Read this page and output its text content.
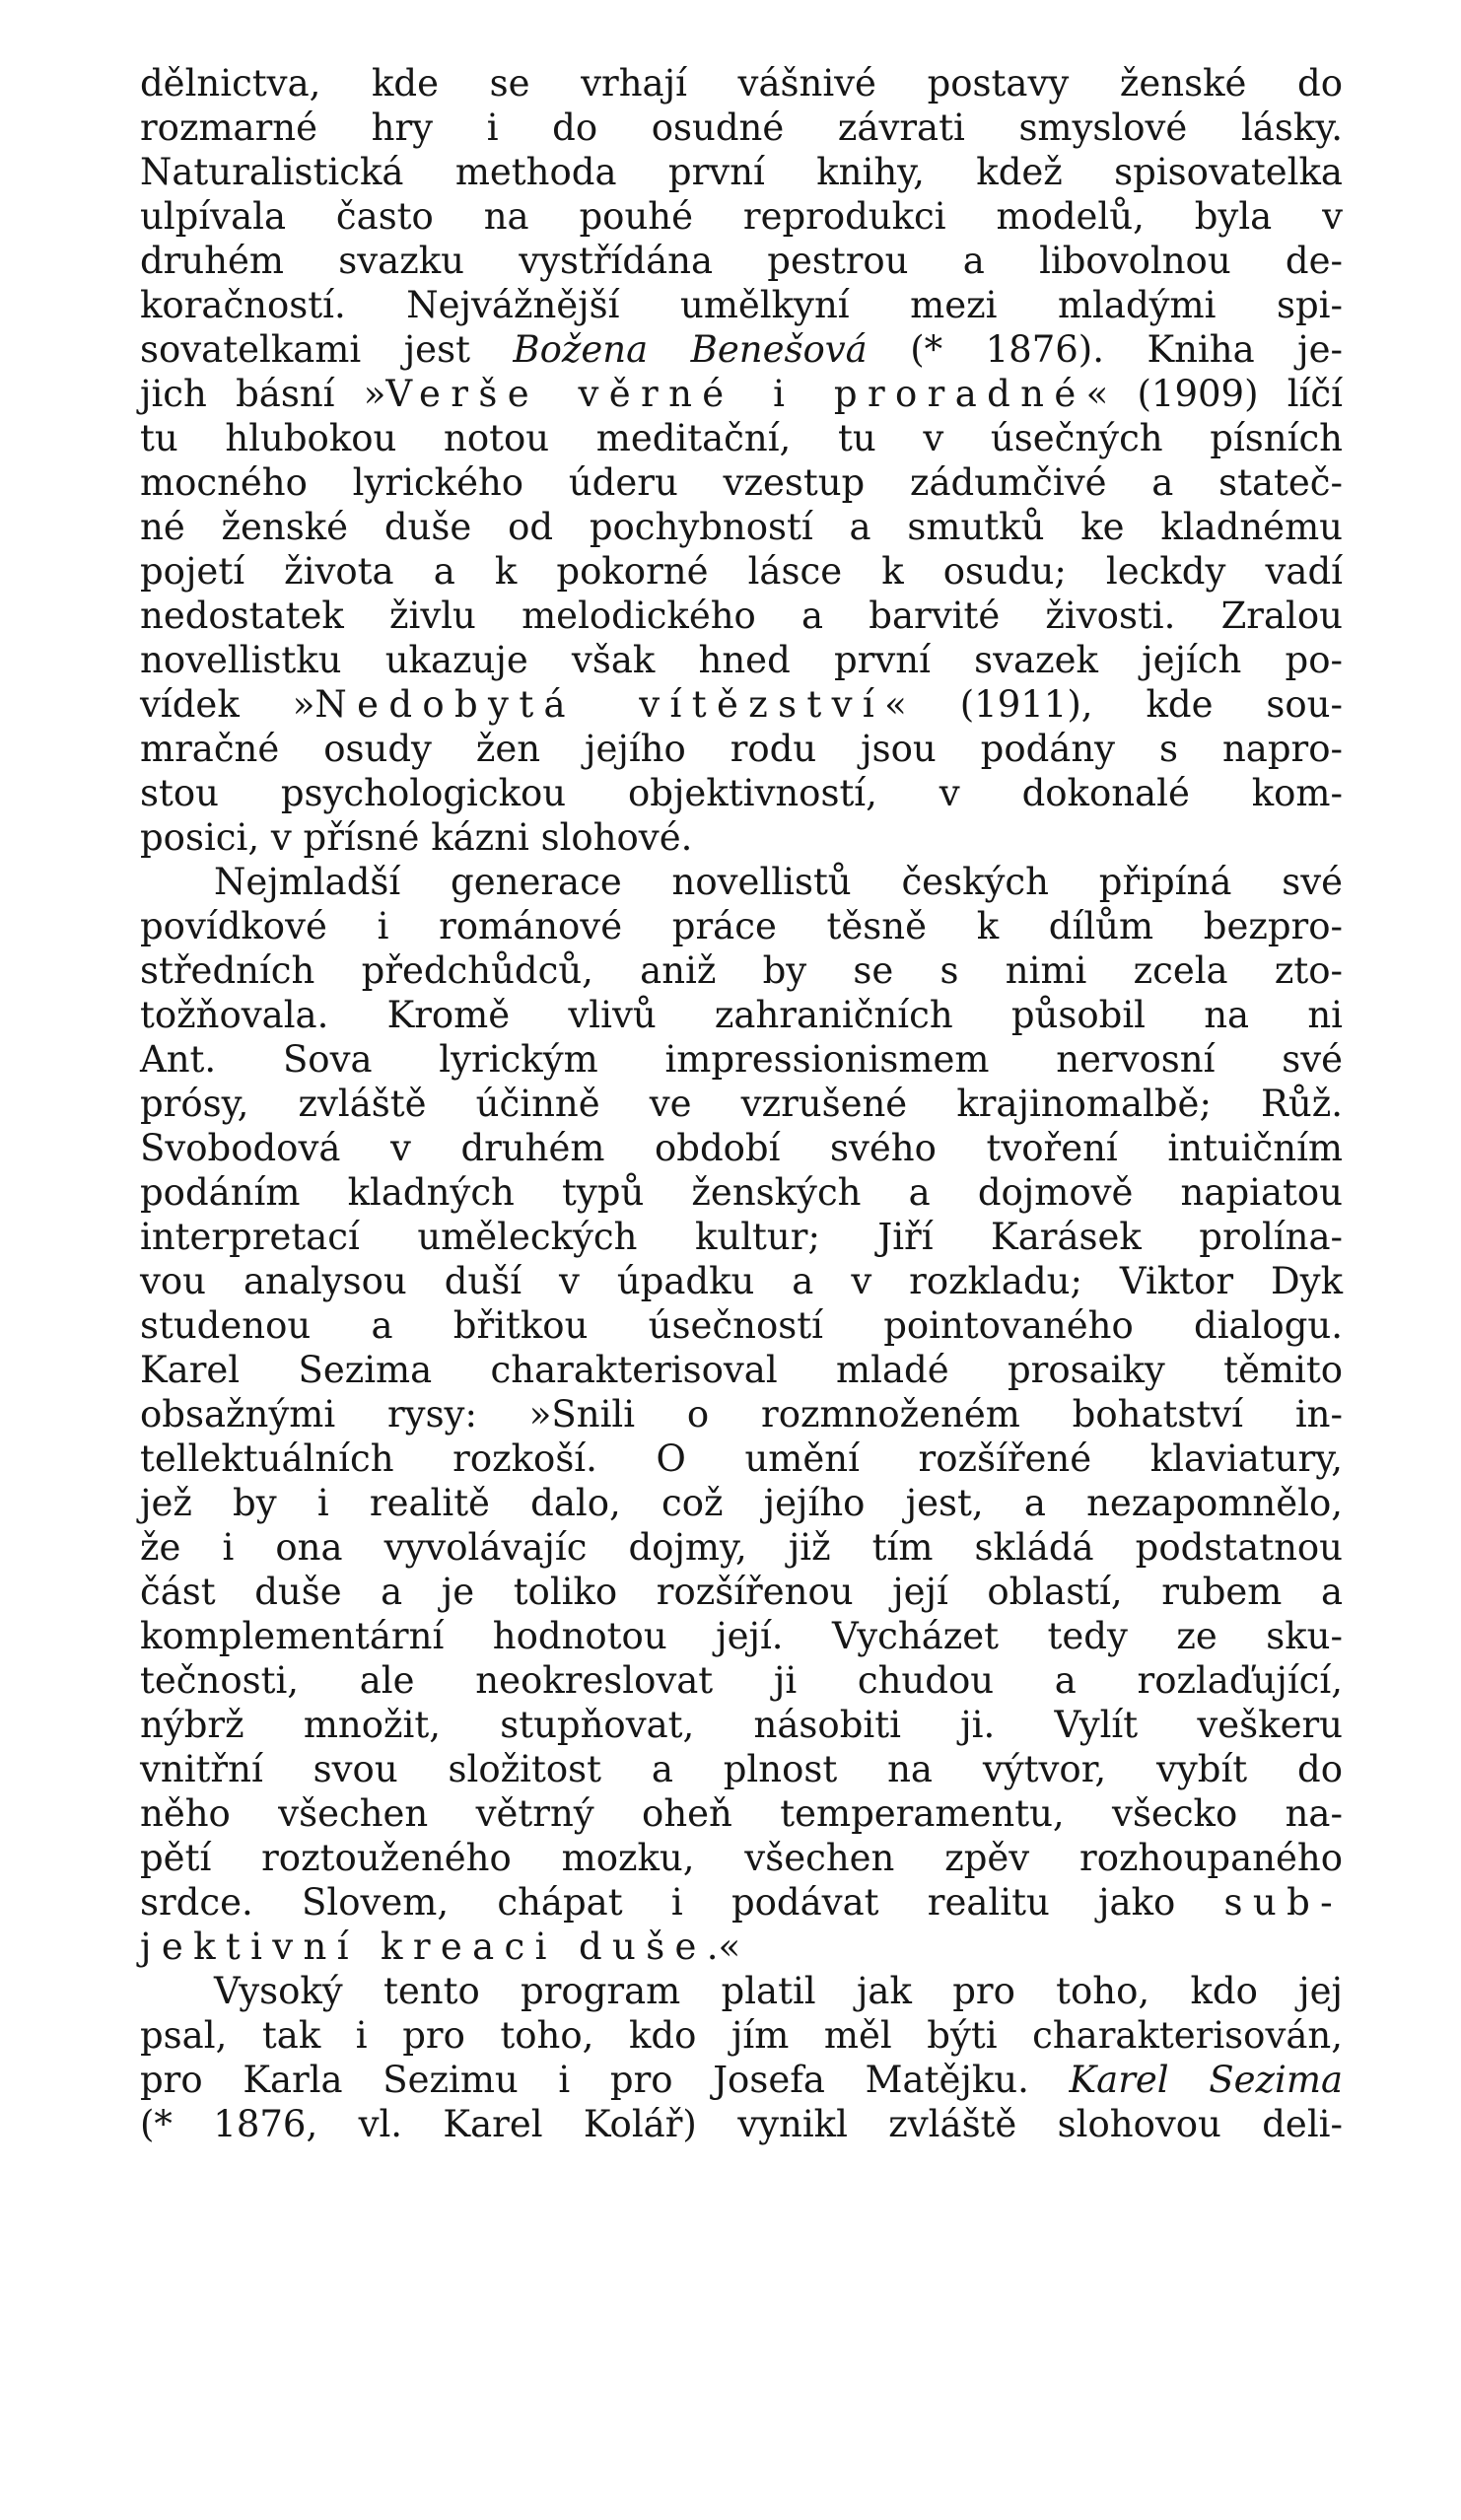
dělnictva, kde se vrhají vášnivé postavy ženské do
rozmarné hry i do osudné závrati smyslové lásky.
Naturalistická methoda první knihy, kdež spisovatelka
ulpívala často na pouhé reprodukci modelů, byla v
druhém svazku vystřídána pestrou a libovolnou de-
koračností. Nejvážnější umělkyní mezi mladými spi-
sovatelkami jest Božena Benešová (* 1876). Kniha je-
jich básní »Verše věrné i proradné« (1909) líčí
tu hlubokou notou meditační, tu v úsečných písních
mocného lyrického úderu vzestup zádumčivé a stateč-
né ženské duše od pochybností a smutků ke kladnému
pojetí života a k pokorné lásce k osudu; leckdy vadí
nedostatek živlu melodického a barvité živosti. Zralou
novellistku ukazuje však hned první svazek jejích po-
vídek »Nedobytá vítězství« (1911), kde sou-
mračné osudy žen jejího rodu jsou podány s napro-
stou psychologickou objektivností, v dokonalé kom-
posici, v přísné kázni slohové.
Nejmladší generace novellistů českých připíná své
povídkové i románové práce těsně k dílům bezpro-
středních předchůdců, aniž by se s nimi zcela zto-
tožňovala. Kromě vlivů zahraničních působil na ni
Ant. Sova lyrickým impressionismem nervosní své
prósy, zvláště účinně ve vzrušené krajinomalbě; Růž.
Svobodová v druhém období svého tvoření intuičním
podáním kladných typů ženských a dojmově napiatou
interpretací uměleckých kultur; Jiří Karásek prolína-
vou analysou duší v úpadku a v rozkladu; Viktor Dyk
studenou a břitkou úsečností pointovaného dialogu.
Karel Sezima charakterisoval mladé prosaiky těmito
obsažnými rysy: »Snili o rozmnoženém bohatství in-
tellektuálních rozkoší. O umění rozšířené klaviatury,
jež by i realitě dalo, což jejího jest, a nezapomnělo,
že i ona vyvolávajíc dojmy, již tím skládá podstatnou
část duše a je toliko rozšířenou její oblastí, rubem a
komplementární hodnotou její. Vycházet tedy ze sku-
tečnosti, ale neokreslovat ji chudou a rozlaďující,
nýbrž množit, stupňovat, násobiti ji. Vylít veškeru
vnitřní svou složitost a plnost na výtvor, vybít do
něho všechen větrný oheň temperamentu, všecko na-
pětí roztouženého mozku, všechen zpěv rozhoupaného
srdce. Slovem, chápat i podávat realitu jako sub-
jektivní kreaci duše.«
Vysoký tento program platil jak pro toho, kdo jej
psal, tak i pro toho, kdo jím měl býti charakterisován,
pro Karla Sezimu i pro Josefa Matějku. Karel Sezima
(* 1876, vl. Karel Kolář) vynikl zvláště slohovou deli-
